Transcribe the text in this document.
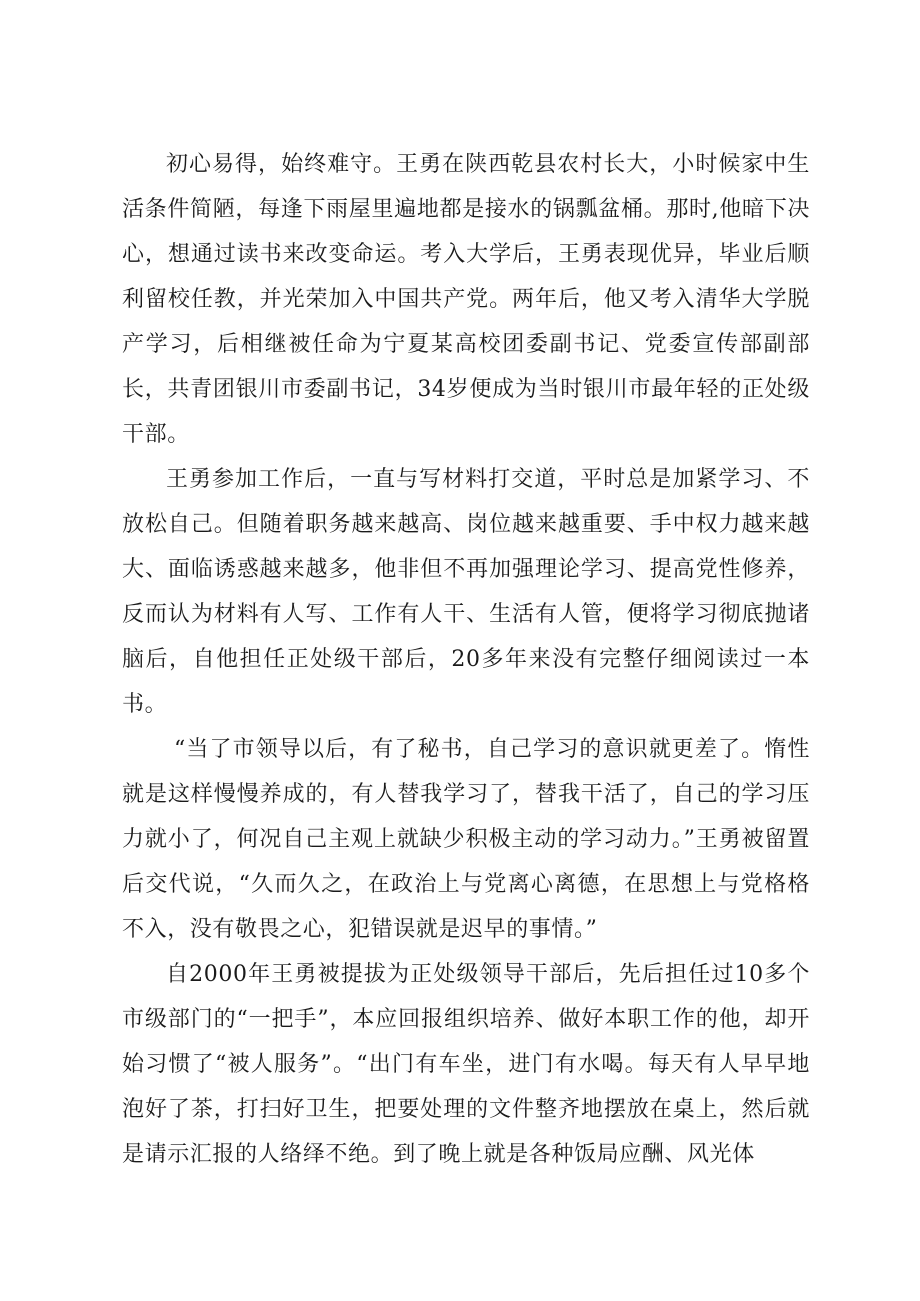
初心易得，始终难守。王勇在陕西乾县农村长大，小时候家中生活条件简陋，每逢下雨屋里遍地都是接水的锅瓢盆桶。那时,他暗下决心，想通过读书来改变命运。考入大学后，王勇表现优异，毕业后顺利留校任教，并光荣加入中国共产党。两年后，他又考入清华大学脱产学习，后相继被任命为宁夏某高校团委副书记、党委宣传部副部长，共青团银川市委副书记，34岁便成为当时银川市最年轻的正处级干部。

王勇参加工作后，一直与写材料打交道，平时总是加紧学习、不放松自己。但随着职务越来越高、岗位越来越重要、手中权力越来越大、面临诱惑越来越多，他非但不再加强理论学习、提高党性修养，反而认为材料有人写、工作有人干、生活有人管，便将学习彻底抛诸脑后，自他担任正处级干部后，20多年来没有完整仔细阅读过一本书。

“当了市领导以后，有了秘书，自己学习的意识就更差了。惰性就是这样慢慢养成的，有人替我学习了，替我干活了，自己的学习压力就小了，何况自己主观上就缺少积极主动的学习动力。”王勇被留置后交代说，“久而久之，在政治上与党离心离德，在思想上与党格格不入，没有敬畏之心，犯错误就是迟早的事情。”

自2000年王勇被提拔为正处级领导干部后，先后担任过10多个市级部门的“一把手”，本应回报组织培养、做好本职工作的他，却开始习惯了“被人服务”。“出门有车坐，进门有水喝。每天有人早早地泡好了茶，打扫好卫生，把要处理的文件整齐地摆放在桌上，然后就是请示汇报的人络绎不绝。到了晚上就是各种饭局应酬、风光体
